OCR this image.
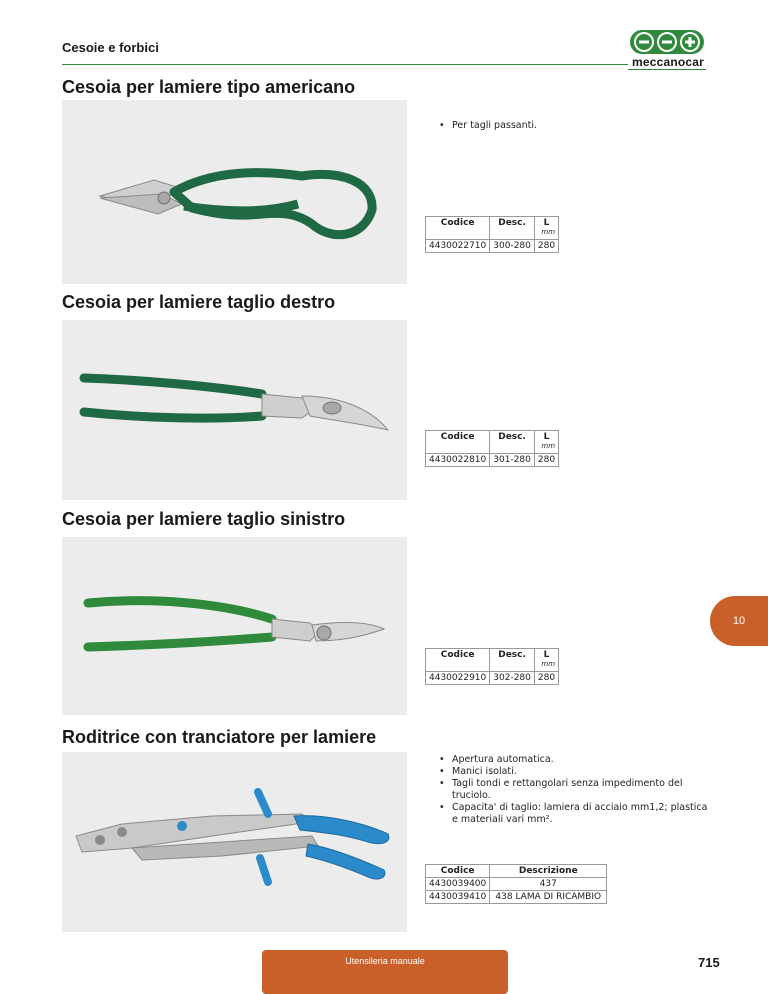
Cesoie e forbici
meccanocar
Cesoia per lamiere tipo americano
• Per tagli passanti.
Codice	Desc.	L
mm

4430022710	300-280	280
Cesoia per lamiere taglio destro
Codice	Desc.	L
mm

4430022810	301-280	280
Cesoia per lamiere taglio sinistro
Codice	Desc.	L
mm

4430022910	302-280	280
10
Roditrice con tranciatore per lamiere
• Apertura automatica.
• Manici isolati.
• Tagli tondi e rettangolari senza impedimento del truciolo.
• Capacita' di taglio: lamiera di acciaio mm1,2; plastica e materiali vari mm².
Codice	Descrizione
4430039400	437
4430039410	438 LAMA DI RICAMBIO
Utensileria manuale	715
